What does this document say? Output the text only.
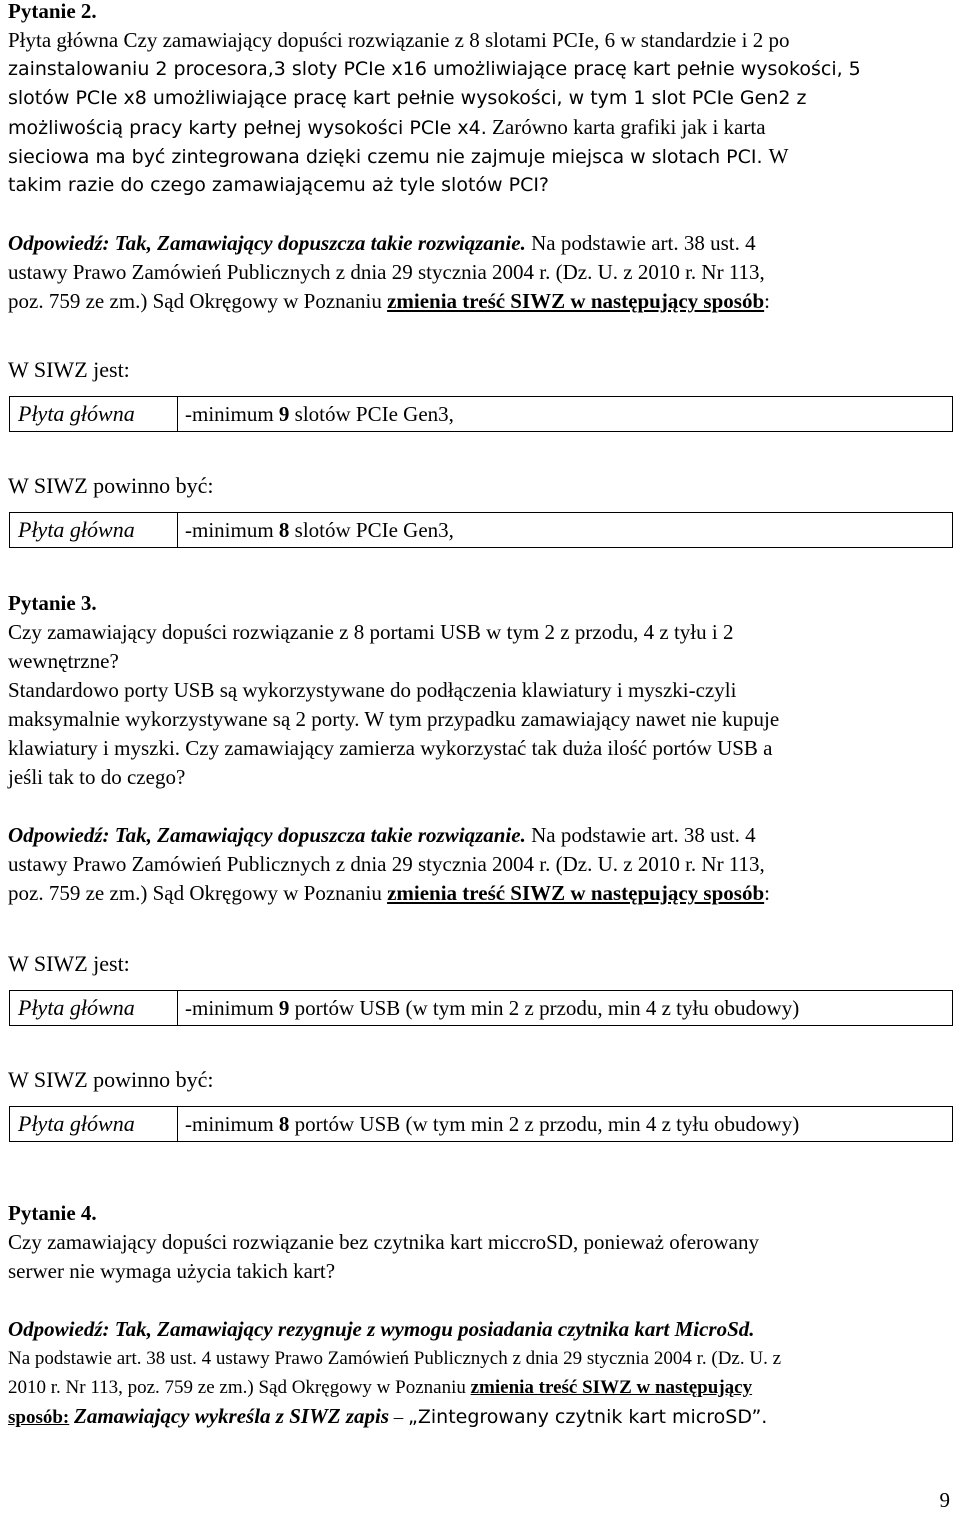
Pytanie 2.
Płyta główna Czy zamawiający dopuści rozwiązanie z 8 slotami PCIe, 6 w standardzie i 2 po
zainstalowaniu 2 procesora,3 sloty PCIe x16 umożliwiające pracę kart pełnie wysokości, 5
slotów PCIe x8 umożliwiające pracę kart pełnie wysokości, w tym 1 slot PCIe Gen2 z
możliwością pracy karty pełnej wysokości PCIe x4. Zarówno karta grafiki jak i karta
sieciowa ma być zintegrowana dzięki czemu nie zajmuje miejsca w slotach PCI. W
takim razie do czego zamawiającemu aż tyle slotów PCI?
Odpowiedź: Tak, Zamawiający dopuszcza takie rozwiązanie. Na podstawie art. 38 ust. 4
ustawy Prawo Zamówień Publicznych z dnia 29 stycznia 2004 r. (Dz. U. z 2010 r. Nr 113,
poz. 759 ze zm.) Sąd Okręgowy w Poznaniu zmienia treść SIWZ w następujący sposób:
W SIWZ jest:
Płyta główna	-minimum 9 slotów PCIe Gen3,
W SIWZ powinno być:
Płyta główna	-minimum 8 slotów PCIe Gen3,
Pytanie 3.
Czy zamawiający dopuści rozwiązanie z 8 portami USB w tym 2 z przodu, 4 z tyłu i 2
wewnętrzne?
Standardowo porty USB są wykorzystywane do podłączenia klawiatury i myszki-czyli
maksymalnie wykorzystywane są 2 porty. W tym przypadku zamawiający nawet nie kupuje
klawiatury i myszki. Czy zamawiający zamierza wykorzystać tak duża ilość portów USB a
jeśli tak to do czego?
Odpowiedź: Tak, Zamawiający dopuszcza takie rozwiązanie. Na podstawie art. 38 ust. 4
ustawy Prawo Zamówień Publicznych z dnia 29 stycznia 2004 r. (Dz. U. z 2010 r. Nr 113,
poz. 759 ze zm.) Sąd Okręgowy w Poznaniu zmienia treść SIWZ w następujący sposób:
W SIWZ jest:
Płyta główna	-minimum 9 portów USB (w tym min 2 z przodu, min 4 z tyłu obudowy)
W SIWZ powinno być:
Płyta główna	-minimum 8 portów USB (w tym min 2 z przodu, min 4 z tyłu obudowy)
Pytanie 4.
Czy zamawiający dopuści rozwiązanie bez czytnika kart miccroSD, ponieważ oferowany
serwer nie wymaga użycia takich kart?
Odpowiedź: Tak, Zamawiający rezygnuje z wymogu posiadania czytnika kart MicroSd.
Na podstawie art. 38 ust. 4 ustawy Prawo Zamówień Publicznych z dnia 29 stycznia 2004 r. (Dz. U. z
2010 r. Nr 113, poz. 759 ze zm.) Sąd Okręgowy w Poznaniu zmienia treść SIWZ w następujący
sposób: Zamawiający wykreśla z SIWZ zapis – „Zintegrowany czytnik kart microSD”.
9
